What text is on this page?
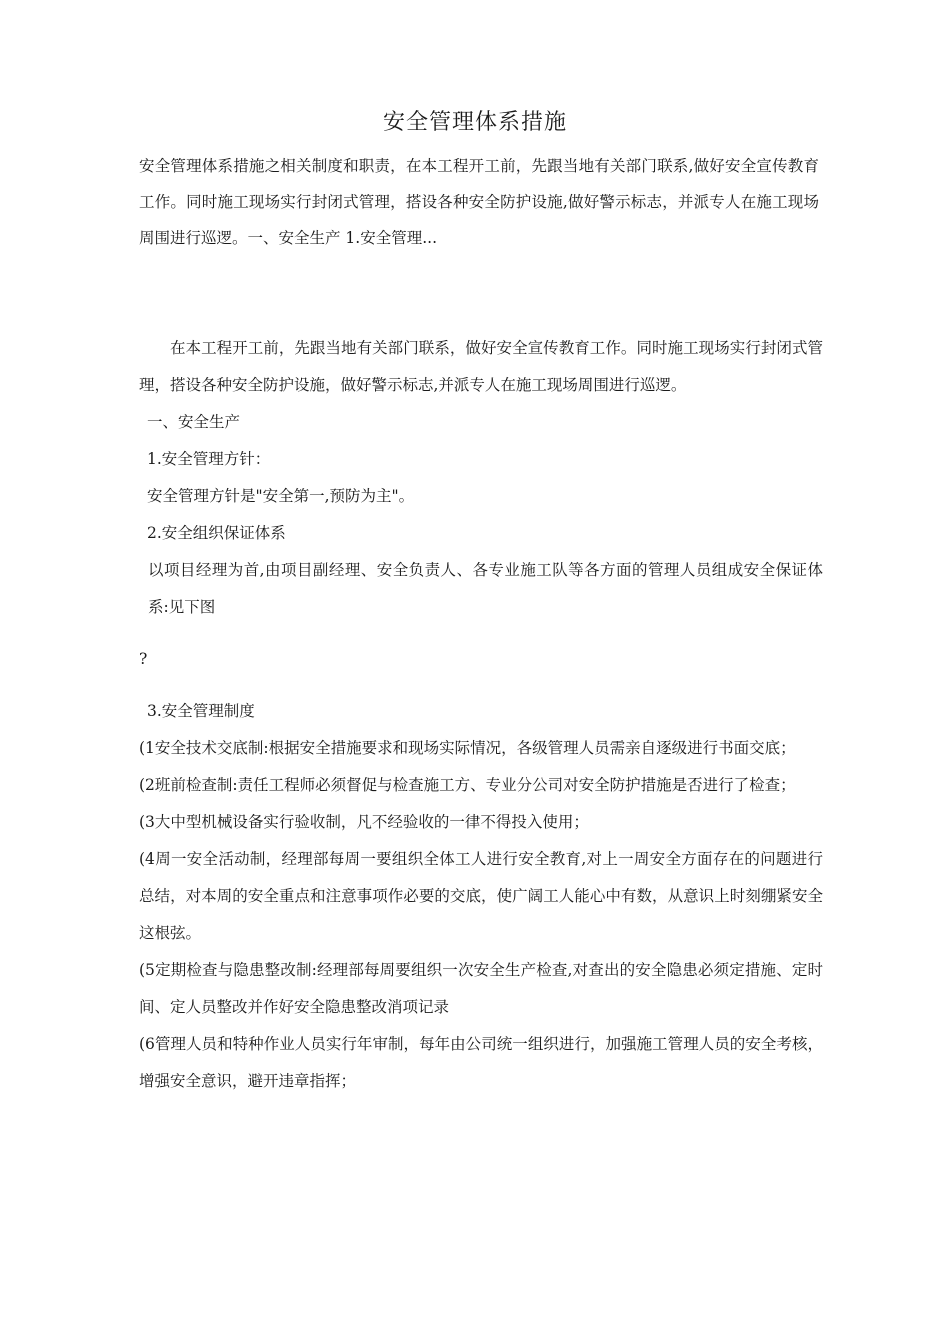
安全管理体系措施
安全管理体系措施之相关制度和职责，在本工程开工前，先跟当地有关部门联系,做好安全宣传教育工作。同时施工现场实行封闭式管理，搭设各种安全防护设施,做好警示标志，并派专人在施工现场周围进行巡逻。一、安全生产 1.安全管理...

在本工程开工前，先跟当地有关部门联系，做好安全宣传教育工作。同时施工现场实行封闭式管理，搭设各种安全防护设施，做好警示标志,并派专人在施工现场周围进行巡逻。

一、安全生产

1.安全管理方针：

安全管理方针是"安全第一,预防为主"。

2.安全组织保证体系

以项目经理为首,由项目副经理、安全负责人、各专业施工队等各方面的管理人员组成安全保证体系:见下图

?

3.安全管理制度

(1安全技术交底制:根据安全措施要求和现场实际情况，各级管理人员需亲自逐级进行书面交底；

(2班前检查制:责任工程师必须督促与检查施工方、专业分公司对安全防护措施是否进行了检查；

(3大中型机械设备实行验收制，凡不经验收的一律不得投入使用；

(4周一安全活动制，经理部每周一要组织全体工人进行安全教育,对上一周安全方面存在的问题进行总结，对本周的安全重点和注意事项作必要的交底，使广阔工人能心中有数，从意识上时刻绷紧安全这根弦。

(5定期检查与隐患整改制:经理部每周要组织一次安全生产检查,对查出的安全隐患必须定措施、定时间、定人员整改并作好安全隐患整改消项记录

(6管理人员和特种作业人员实行年审制，每年由公司统一组织进行，加强施工管理人员的安全考核，增强安全意识，避开违章指挥；
